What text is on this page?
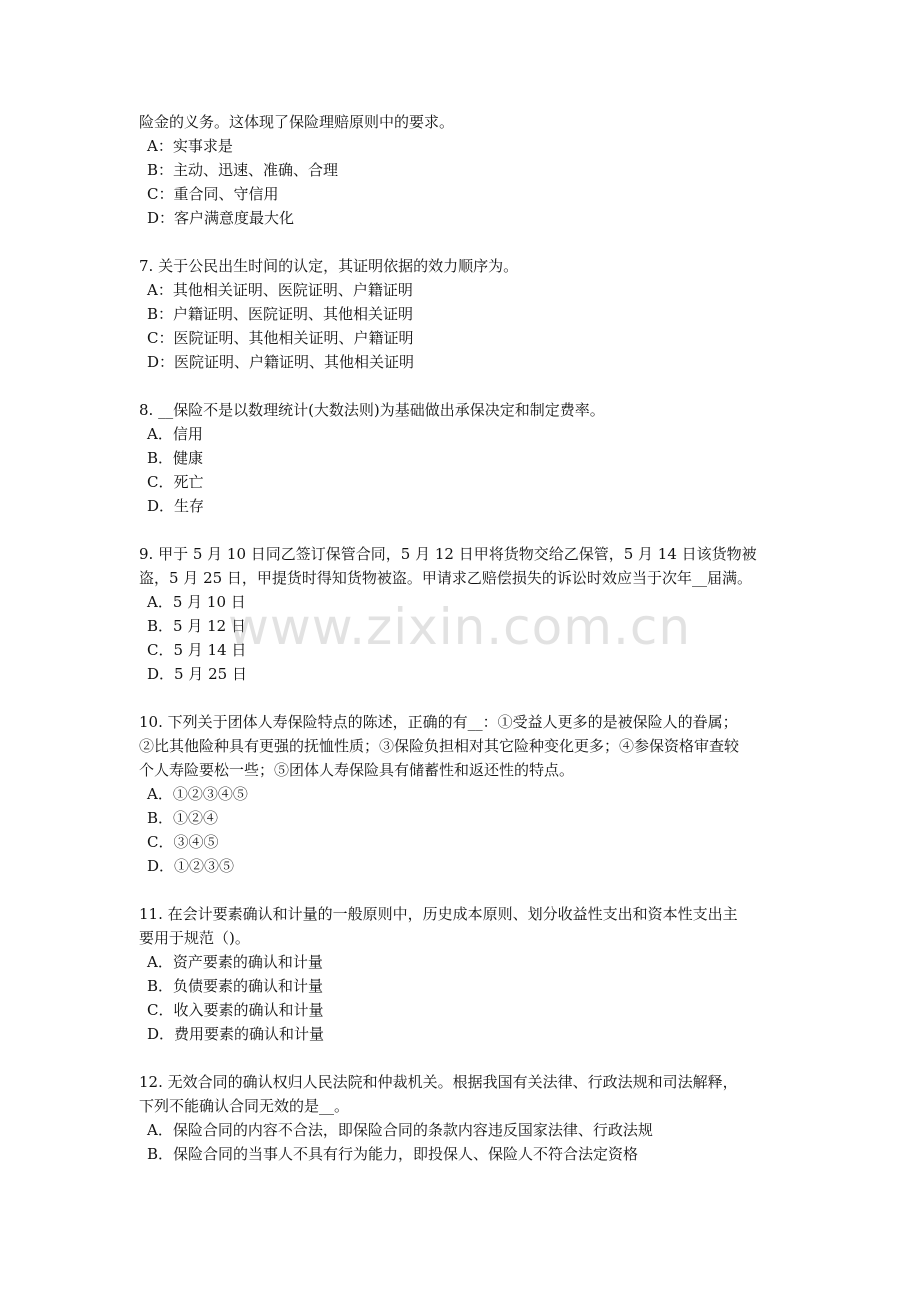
险金的义务。这体现了保险理赔原则中的要求。
A：实事求是
B：主动、迅速、准确、合理
C：重合同、守信用
D：客户满意度最大化
7. 关于公民出生时间的认定，其证明依据的效力顺序为。
A：其他相关证明、医院证明、户籍证明
B：户籍证明、医院证明、其他相关证明
C：医院证明、其他相关证明、户籍证明
D：医院证明、户籍证明、其他相关证明
8. __保险不是以数理统计(大数法则)为基础做出承保决定和制定费率。
A．信用
B．健康
C．死亡
D．生存
9. 甲于 5 月 10 日同乙签订保管合同，5 月 12 日甲将货物交给乙保管，5 月 14 日该货物被
盗，5 月 25 日，甲提货时得知货物被盗。甲请求乙赔偿损失的诉讼时效应当于次年__届满。
A．5 月 10 日
B．5 月 12 日
C．5 月 14 日
D．5 月 25 日
10. 下列关于团体人寿保险特点的陈述，正确的有__：①受益人更多的是被保险人的眷属；
②比其他险种具有更强的抚恤性质；③保险负担相对其它险种变化更多；④参保资格审查较
个人寿险要松一些；⑤团体人寿保险具有储蓄性和返还性的特点。
A．①②③④⑤
B．①②④
C．③④⑤
D．①②③⑤
11. 在会计要素确认和计量的一般原则中，历史成本原则、划分收益性支出和资本性支出主
要用于规范（)。
A．资产要素的确认和计量
B．负债要素的确认和计量
C．收入要素的确认和计量
D．费用要素的确认和计量
12. 无效合同的确认权归人民法院和仲裁机关。根据我国有关法律、行政法规和司法解释，
下列不能确认合同无效的是__。
A．保险合同的内容不合法，即保险合同的条款内容违反国家法律、行政法规
B．保险合同的当事人不具有行为能力，即投保人、保险人不符合法定资格
www.zixin.com.cn
